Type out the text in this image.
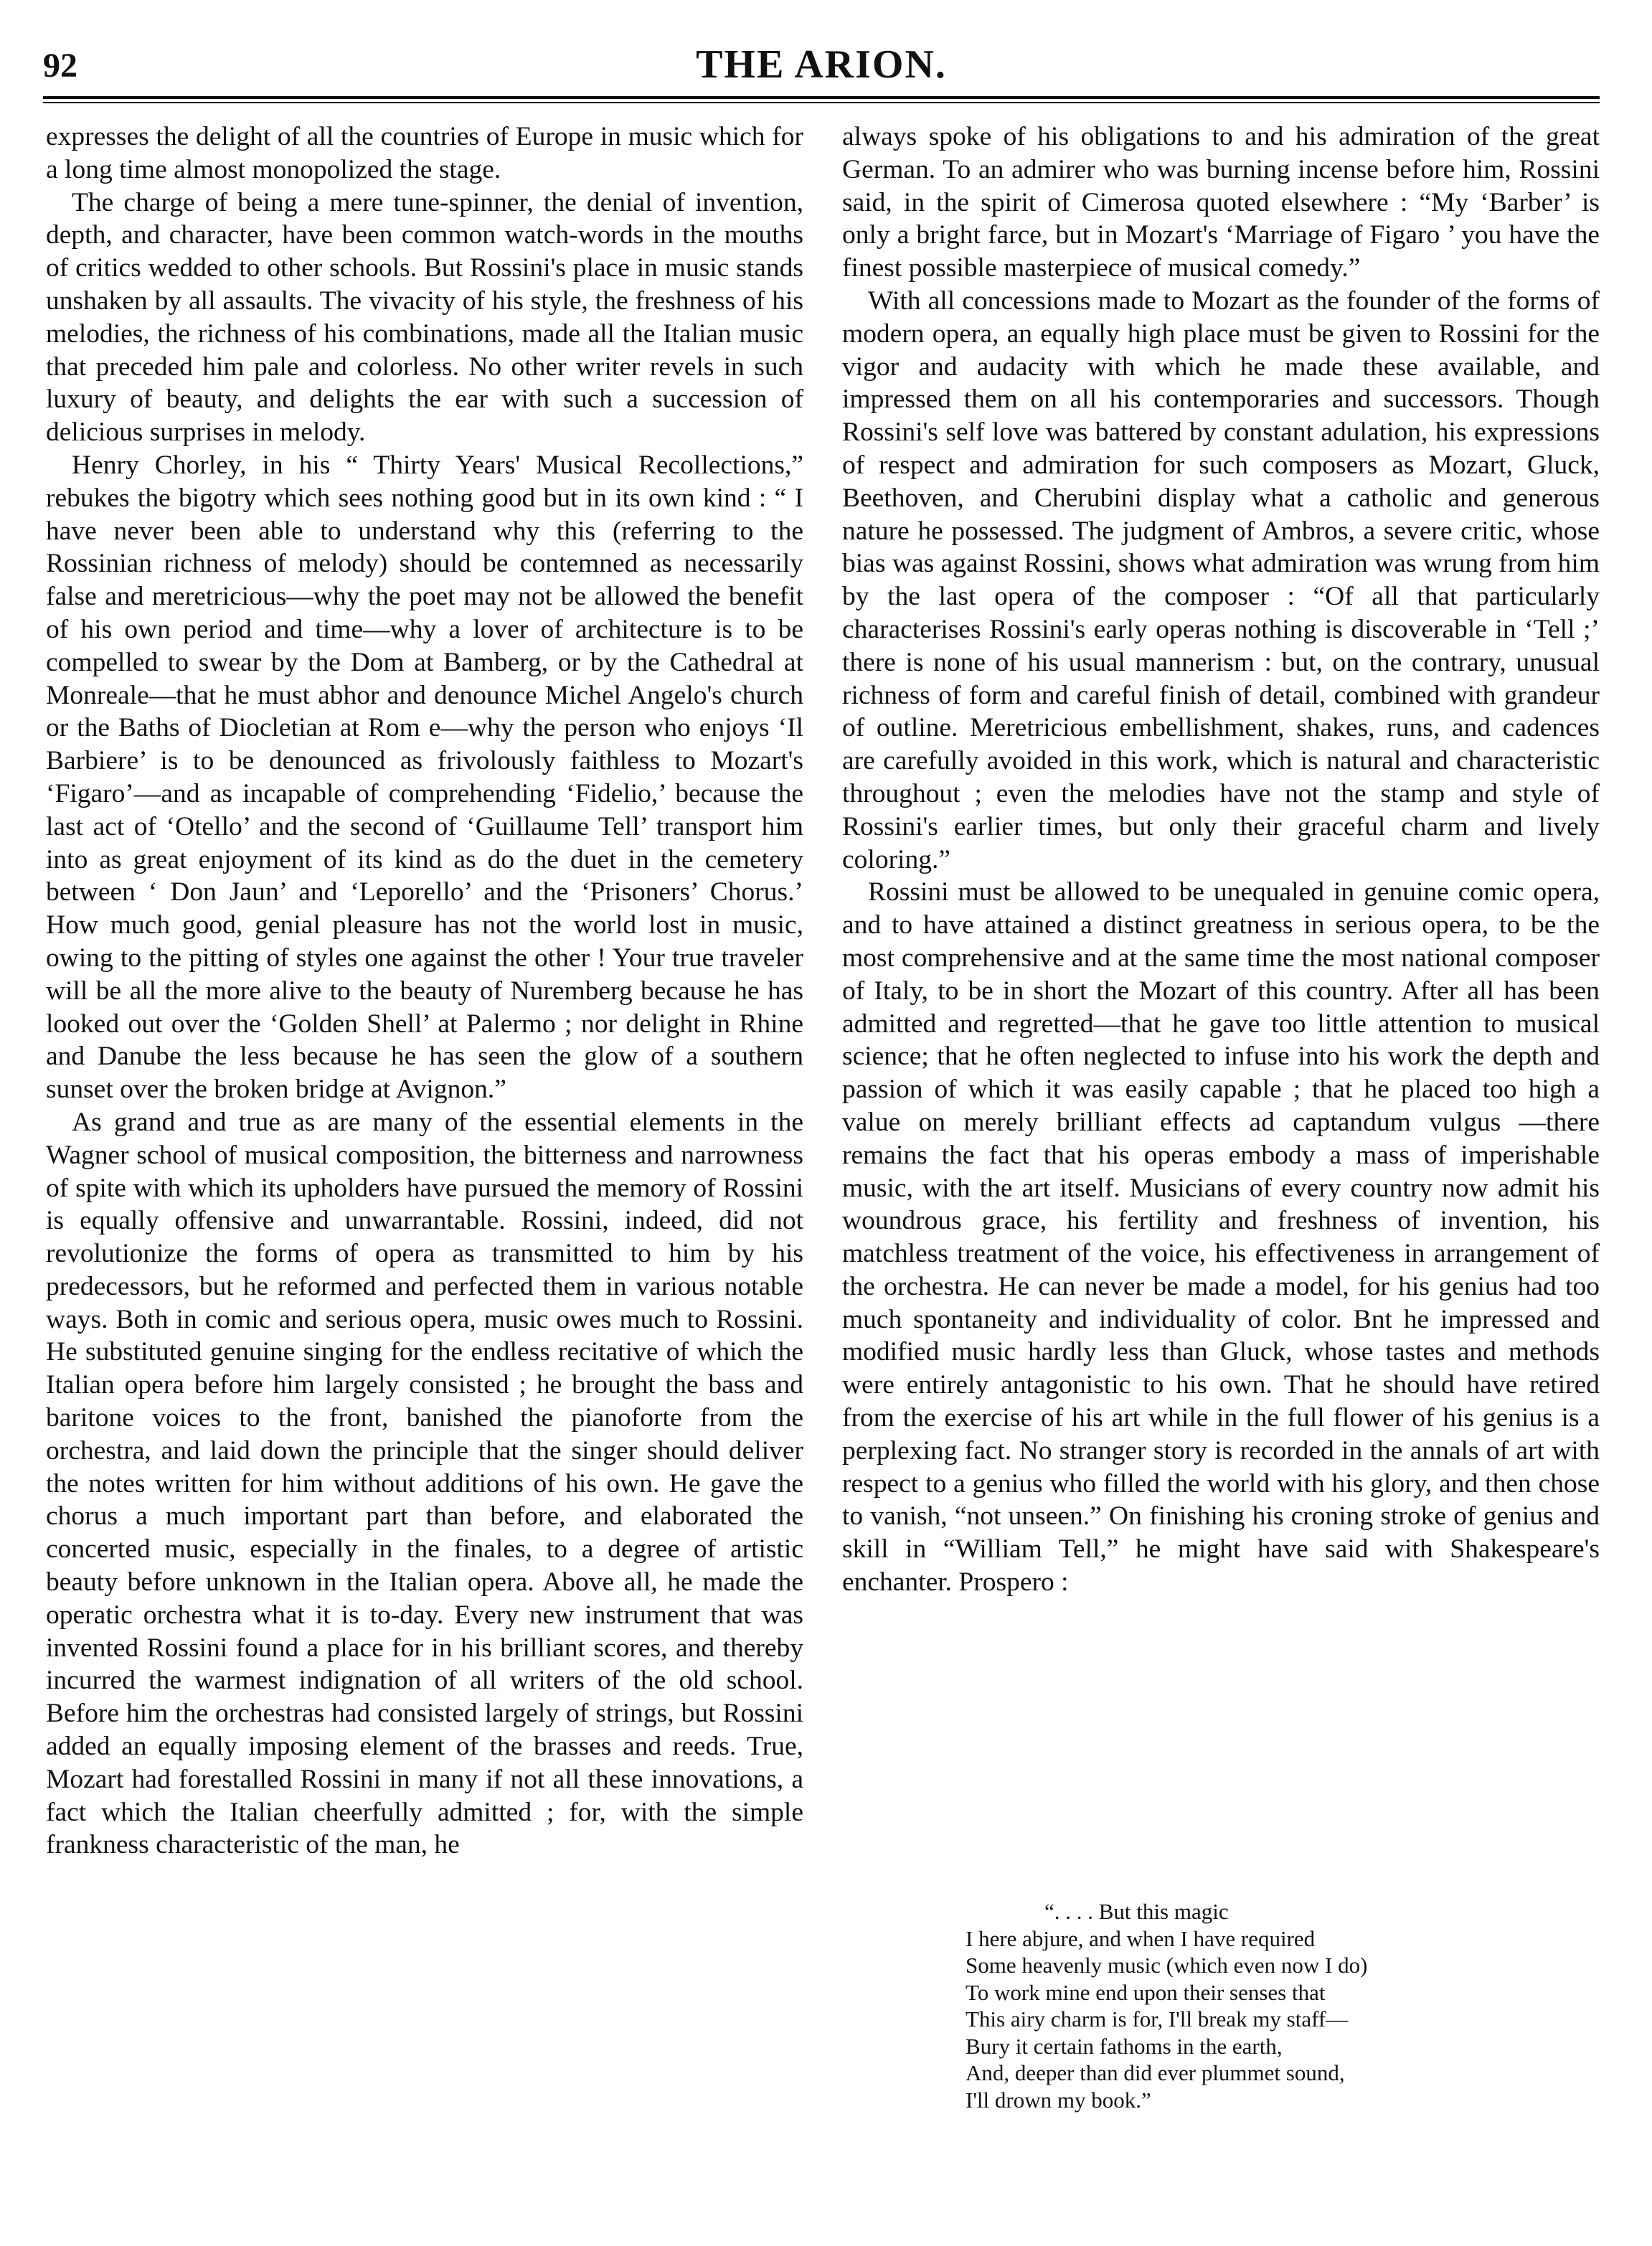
92	THE ARION.

expresses the delight of all the countries of Europe in music which for a long time almost monopolized the stage.

The charge of being a mere tune-spinner, the denial of invention, depth, and character, have been common watch-words in the mouths of critics wedded to other schools. But Rossini's place in music stands unshaken by all assaults. The vivacity of his style, the freshness of his melodies, the richness of his combinations, made all the Italian music that preceded him pale and colorless. No other writer revels in such luxury of beauty, and delights the ear with such a succession of delicious surprises in melody.

Henry Chorley, in his “ Thirty Years' Musical Recollections,” rebukes the bigotry which sees nothing good but in its own kind : “ I have never been able to understand why this (referring to the Rossinian richness of melody) should be contemned as necessarily false and meretricious—why the poet may not be allowed the benefit of his own period and time—why a lover of architecture is to be compelled to swear by the Dom at Bamberg, or by the Cathedral at Monreale—that he must abhor and denounce Michel Angelo's church or the Baths of Diocletian at Rom e—why the person who enjoys ‘Il Barbiere’ is to be denounced as frivolously faithless to Mozart's ‘Figaro’—and as incapable of comprehending ‘Fidelio,’ because the last act of ‘Otello’ and the second of ‘Guillaume Tell’ transport him into as great enjoyment of its kind as do the duet in the cemetery between ‘ Don Jaun’ and ‘Leporello’ and the ‘Prisoners’ Chorus.’ How much good, genial pleasure has not the world lost in music, owing to the pitting of styles one against the other ! Your true traveler will be all the more alive to the beauty of Nuremberg because he has looked out over the ‘Golden Shell’ at Palermo ; nor delight in Rhine and Danube the less because he has seen the glow of a southern sunset over the broken bridge at Avignon.”

As grand and true as are many of the essential elements in the Wagner school of musical composition, the bitterness and narrowness of spite with which its upholders have pursued the memory of Rossini is equally offensive and unwarrantable. Rossini, indeed, did not revolutionize the forms of opera as transmitted to him by his predecessors, but he reformed and perfected them in various notable ways. Both in comic and serious opera, music owes much to Rossini. He substituted genuine singing for the endless recitative of which the Italian opera before him largely consisted ; he brought the bass and baritone voices to the front, banished the pianoforte from the orchestra, and laid down the principle that the singer should deliver the notes written for him without additions of his own. He gave the chorus a much important part than before, and elaborated the concerted music, especially in the finales, to a degree of artistic beauty before unknown in the Italian opera. Above all, he made the operatic orchestra what it is to-day. Every new instrument that was invented Rossini found a place for in his brilliant scores, and thereby incurred the warmest indignation of all writers of the old school. Before him the orchestras had consisted largely of strings, but Rossini added an equally imposing element of the brasses and reeds. True, Mozart had forestalled Rossini in many if not all these innovations, a fact which the Italian cheerfully admitted ; for, with the simple frankness characteristic of the man, he

always spoke of his obligations to and his admiration of the great German. To an admirer who was burning incense before him, Rossini said, in the spirit of Cimerosa quoted elsewhere : “My ‘Barber’ is only a bright farce, but in Mozart's ‘Marriage of Figaro ’ you have the finest possible masterpiece of musical comedy.”

With all concessions made to Mozart as the founder of the forms of modern opera, an equally high place must be given to Rossini for the vigor and audacity with which he made these available, and impressed them on all his contemporaries and successors. Though Rossini's self love was battered by constant adulation, his expressions of respect and admiration for such composers as Mozart, Gluck, Beethoven, and Cherubini display what a catholic and generous nature he possessed. The judgment of Ambros, a severe critic, whose bias was against Rossini, shows what admiration was wrung from him by the last opera of the composer : “Of all that particularly characterises Rossini's early operas nothing is discoverable in ‘Tell ;’ there is none of his usual mannerism : but, on the contrary, unusual richness of form and careful finish of detail, combined with grandeur of outline. Meretricious embellishment, shakes, runs, and cadences are carefully avoided in this work, which is natural and characteristic throughout ; even the melodies have not the stamp and style of Rossini's earlier times, but only their graceful charm and lively coloring.”

Rossini must be allowed to be unequaled in genuine comic opera, and to have attained a distinct greatness in serious opera, to be the most comprehensive and at the same time the most national composer of Italy, to be in short the Mozart of this country. After all has been admitted and regretted—that he gave too little attention to musical science; that he often neglected to infuse into his work the depth and passion of which it was easily capable ; that he placed too high a value on merely brilliant effects ad captandum vulgus —there remains the fact that his operas embody a mass of imperishable music, with the art itself. Musicians of every country now admit his woundrous grace, his fertility and freshness of invention, his matchless treatment of the voice, his effectiveness in arrangement of the orchestra. He can never be made a model, for his genius had too much spontaneity and individuality of color. Bnt he impressed and modified music hardly less than Gluck, whose tastes and methods were entirely antagonistic to his own. That he should have retired from the exercise of his art while in the full flower of his genius is a perplexing fact. No stranger story is recorded in the annals of art with respect to a genius who filled the world with his glory, and then chose to vanish, “not unseen.” On finishing his croning stroke of genius and skill in “William Tell,” he might have said with Shakespeare's enchanter. Prospero :

“. . . . But this magic
I here abjure, and when I have required
Some heavenly music (which even now I do)
To work mine end upon their senses that
This airy charm is for, I'll break my staff—
Bury it certain fathoms in the earth,
And, deeper than did ever plummet sound,
I'll drown my book.”
